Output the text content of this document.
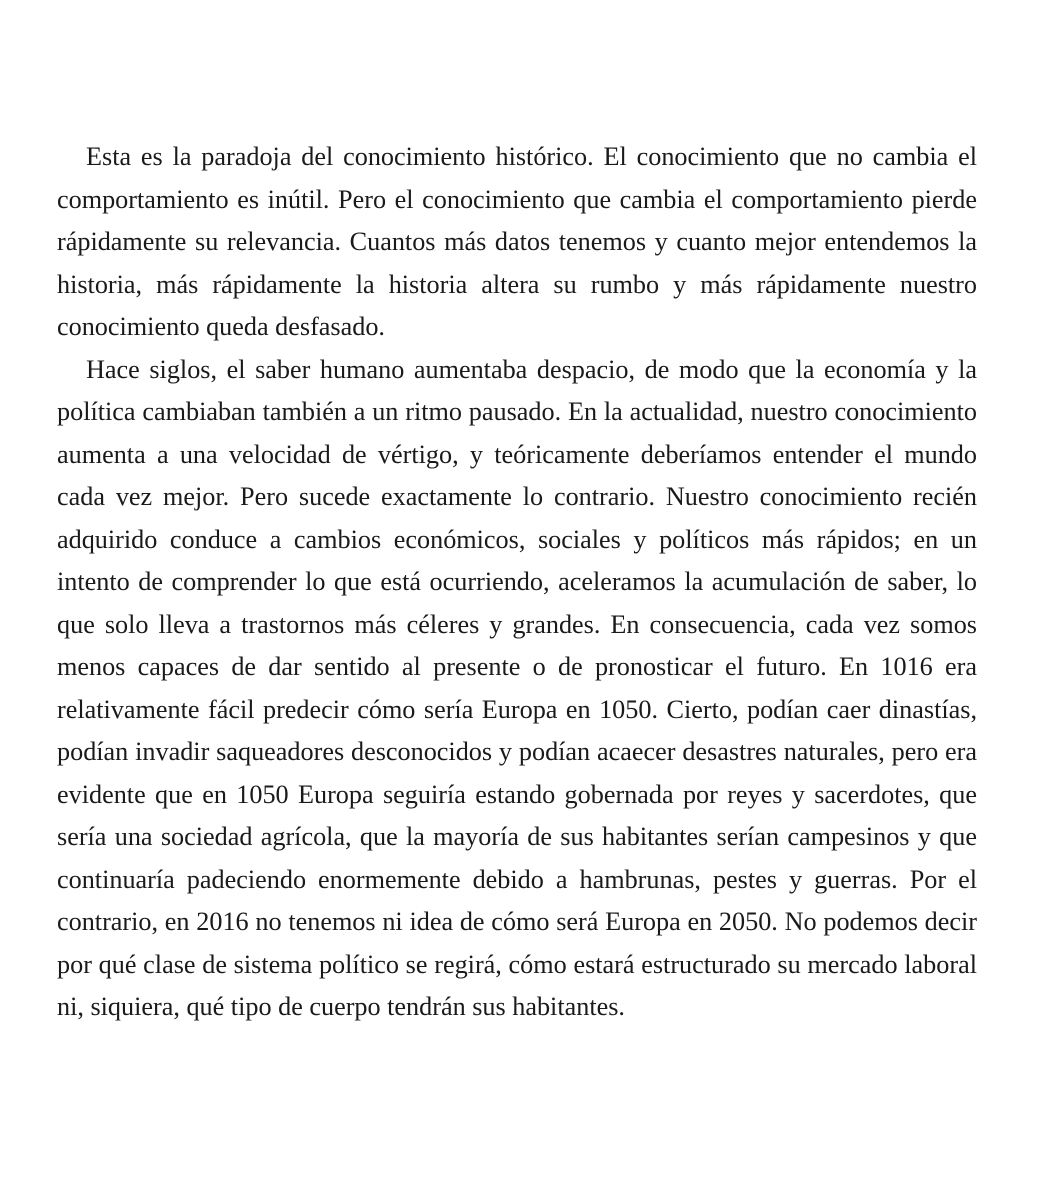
Esta es la paradoja del conocimiento histórico. El conocimiento que no cambia el comportamiento es inútil. Pero el conocimiento que cambia el comportamiento pierde rápidamente su relevancia. Cuantos más datos tenemos y cuanto mejor entendemos la historia, más rápidamente la historia altera su rumbo y más rápidamente nuestro conocimiento queda desfasado.

Hace siglos, el saber humano aumentaba despacio, de modo que la economía y la política cambiaban también a un ritmo pausado. En la actualidad, nuestro conocimiento aumenta a una velocidad de vértigo, y teóricamente deberíamos entender el mundo cada vez mejor. Pero sucede exactamente lo contrario. Nuestro conocimiento recién adquirido conduce a cambios económicos, sociales y políticos más rápidos; en un intento de comprender lo que está ocurriendo, aceleramos la acumulación de saber, lo que solo lleva a trastornos más céleres y grandes. En consecuencia, cada vez somos menos capaces de dar sentido al presente o de pronosticar el futuro. En 1016 era relativamente fácil predecir cómo sería Europa en 1050. Cierto, podían caer dinastías, podían invadir saqueadores desconocidos y podían acaecer desastres naturales, pero era evidente que en 1050 Europa seguiría estando gobernada por reyes y sacerdotes, que sería una sociedad agrícola, que la mayoría de sus habitantes serían campesinos y que continuaría padeciendo enormemente debido a hambrunas, pestes y guerras. Por el contrario, en 2016 no tenemos ni idea de cómo será Europa en 2050. No podemos decir por qué clase de sistema político se regirá, cómo estará estructurado su mercado laboral ni, siquiera, qué tipo de cuerpo tendrán sus habitantes.
